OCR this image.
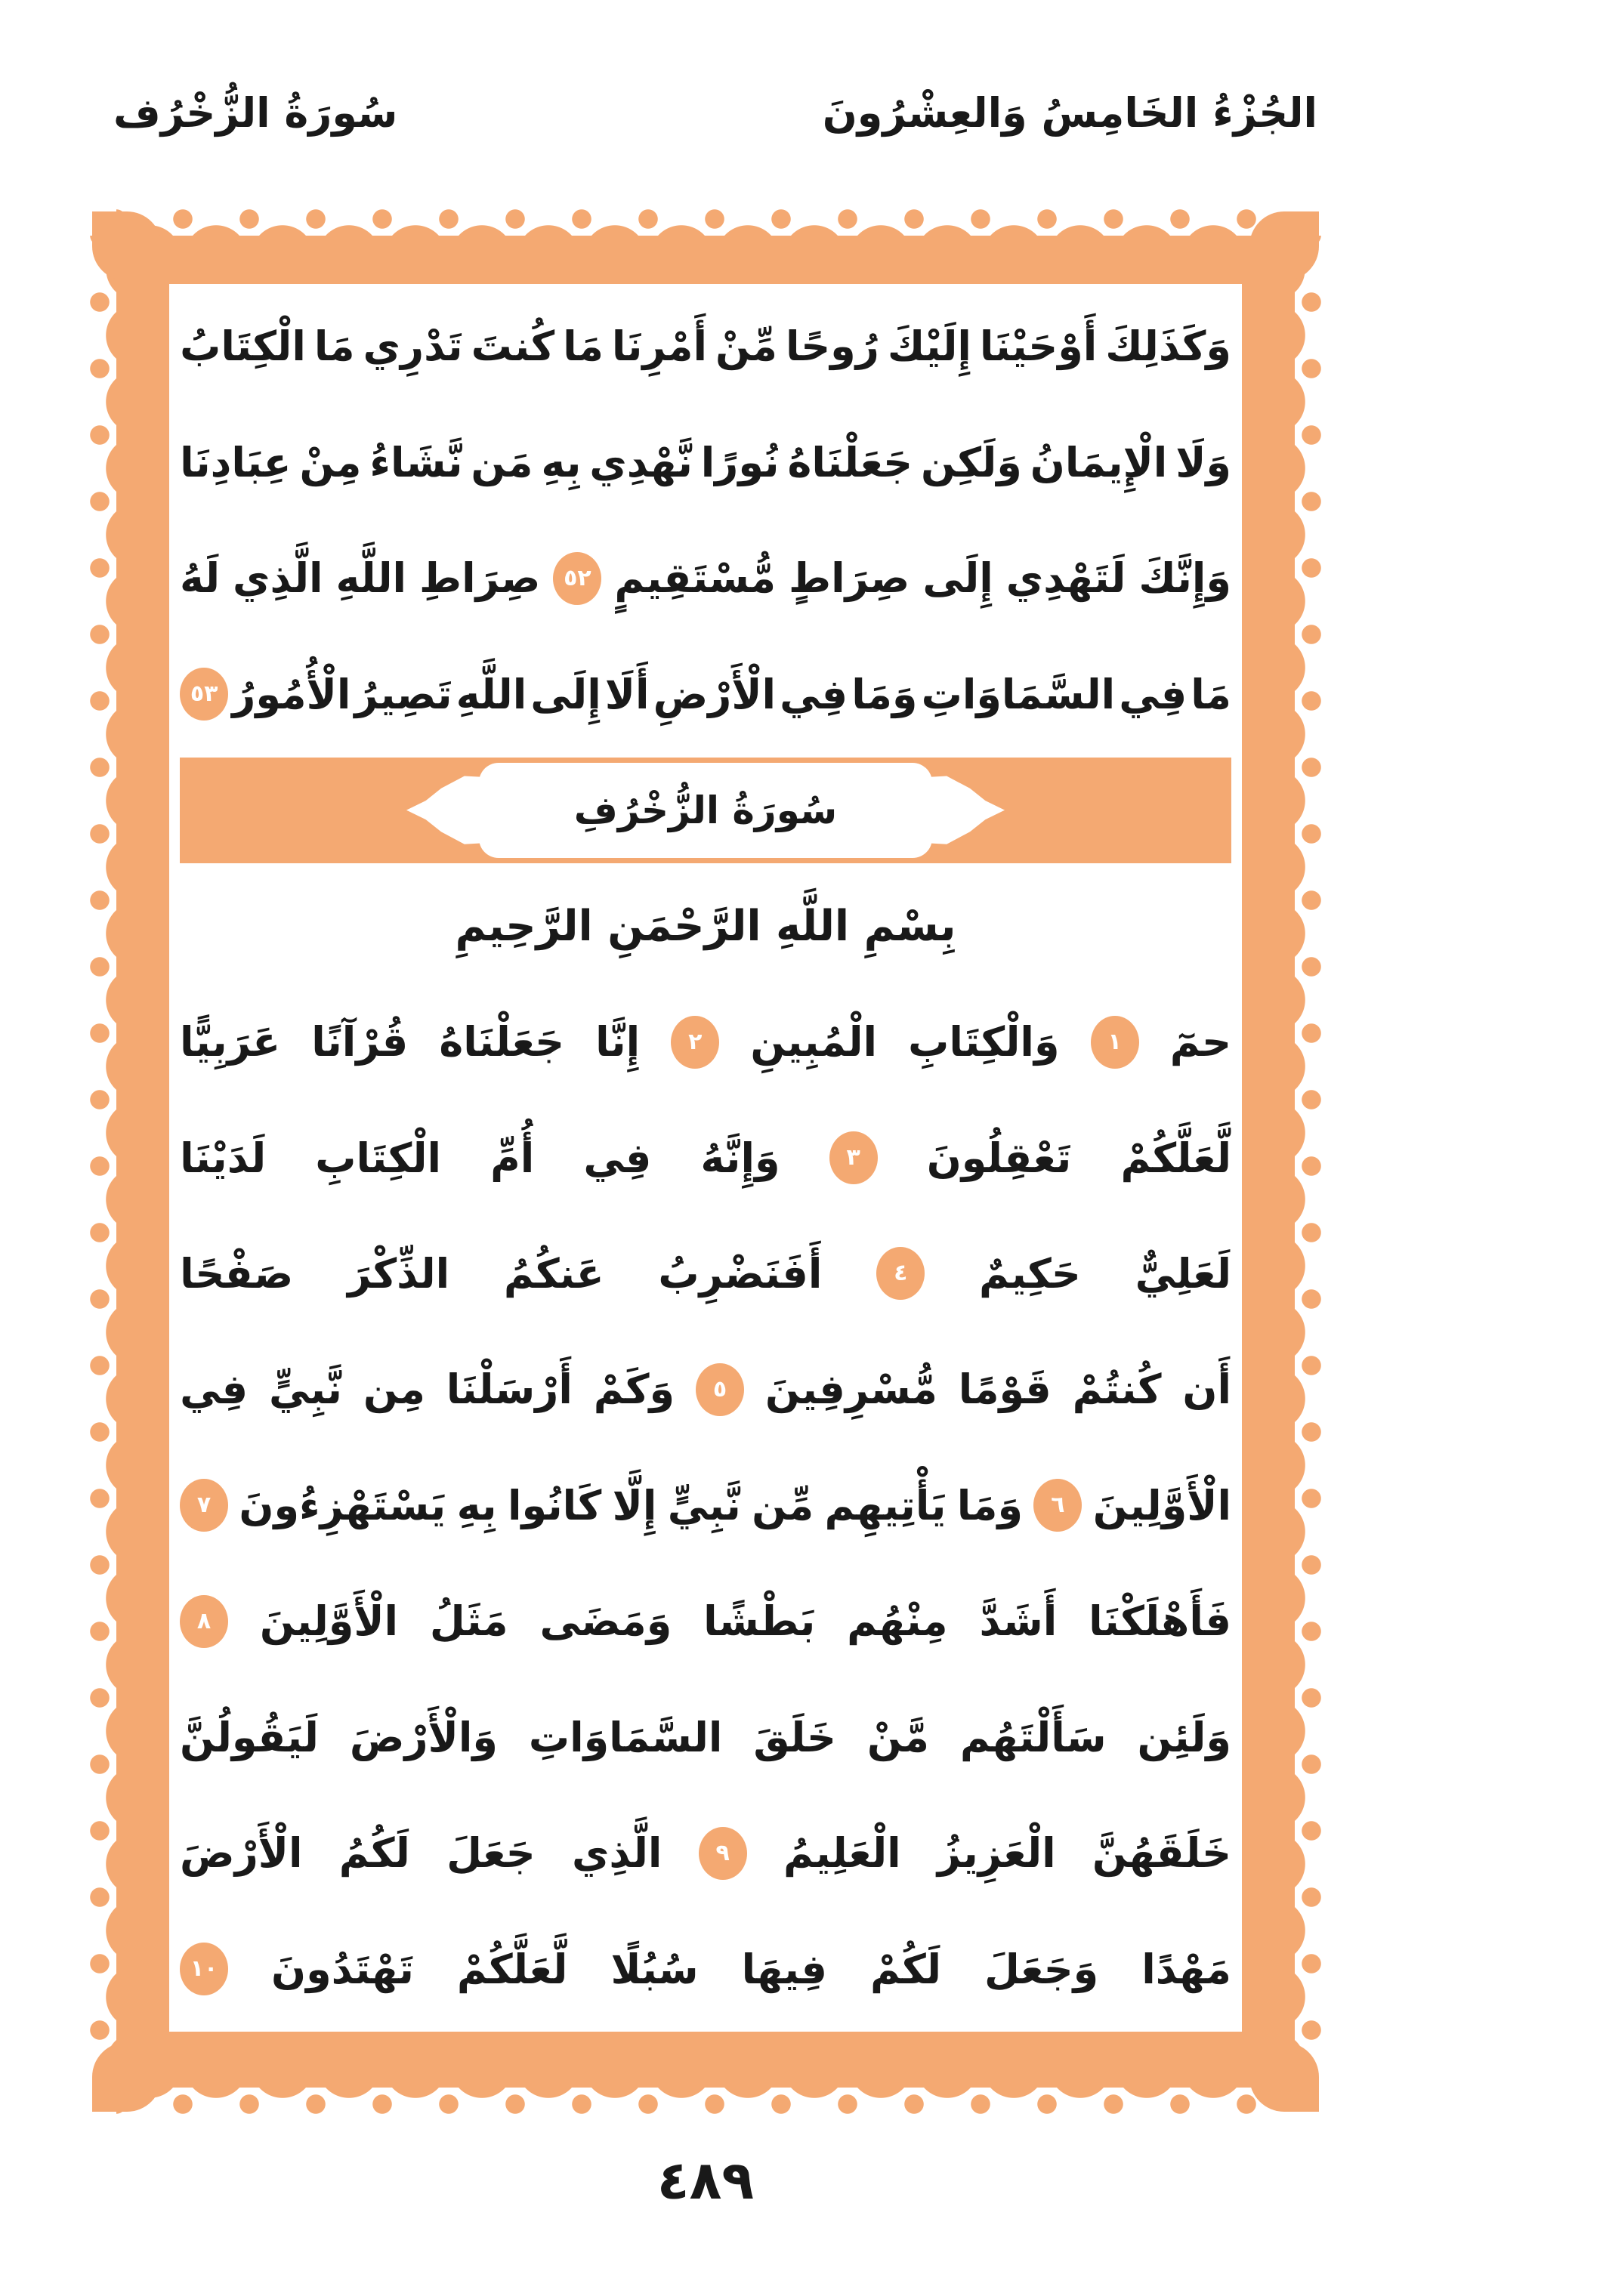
سُورَةُ الزُّخْرُف	الجُزْءُ الخَامِسُ وَالعِشْرُونَ
وَكَذَلِكَ
أَوْحَيْنَا
إِلَيْكَ
رُوحًا
مِّنْ
أَمْرِنَا
مَا
كُنتَ
تَدْرِي
مَا
الْكِتَابُ
وَلَا
الْإِيمَانُ
وَلَكِن
جَعَلْنَاهُ
نُورًا
نَّهْدِي
بِهِ
مَن
نَّشَاءُ
مِنْ
عِبَادِنَا
وَإِنَّكَ
لَتَهْدِي
إِلَى
صِرَاطٍ
مُّسْتَقِيمٍ
٥٢
صِرَاطِ
اللَّهِ
الَّذِي
لَهُ
مَا
فِي
السَّمَاوَاتِ
وَمَا
فِي
الْأَرْضِ
أَلَا
إِلَى
اللَّهِ
تَصِيرُ
الْأُمُورُ
٥٣
سُورَةُ الزُّخْرُفِ
بِسْمِ اللَّهِ الرَّحْمَنِ الرَّحِيمِ
حمٓ
١
وَالْكِتَابِ
الْمُبِينِ
٢
إِنَّا
جَعَلْنَاهُ
قُرْآنًا
عَرَبِيًّا
لَّعَلَّكُمْ
تَعْقِلُونَ
٣
وَإِنَّهُ
فِي
أُمِّ
الْكِتَابِ
لَدَيْنَا
لَعَلِيٌّ
حَكِيمٌ
٤
أَفَنَضْرِبُ
عَنكُمُ
الذِّكْرَ
صَفْحًا
أَن
كُنتُمْ
قَوْمًا
مُّسْرِفِينَ
٥
وَكَمْ
أَرْسَلْنَا
مِن
نَّبِيٍّ
فِي
الْأَوَّلِينَ
٦
وَمَا
يَأْتِيهِم
مِّن
نَّبِيٍّ
إِلَّا
كَانُوا
بِهِ
يَسْتَهْزِءُونَ
٧
فَأَهْلَكْنَا
أَشَدَّ
مِنْهُم
بَطْشًا
وَمَضَى
مَثَلُ
الْأَوَّلِينَ
٨
وَلَئِن
سَأَلْتَهُم
مَّنْ
خَلَقَ
السَّمَاوَاتِ
وَالْأَرْضَ
لَيَقُولُنَّ
خَلَقَهُنَّ
الْعَزِيزُ
الْعَلِيمُ
٩
الَّذِي
جَعَلَ
لَكُمُ
الْأَرْضَ
مَهْدًا
وَجَعَلَ
لَكُمْ
فِيهَا
سُبُلًا
لَّعَلَّكُمْ
تَهْتَدُونَ
١٠
٤٨٩
